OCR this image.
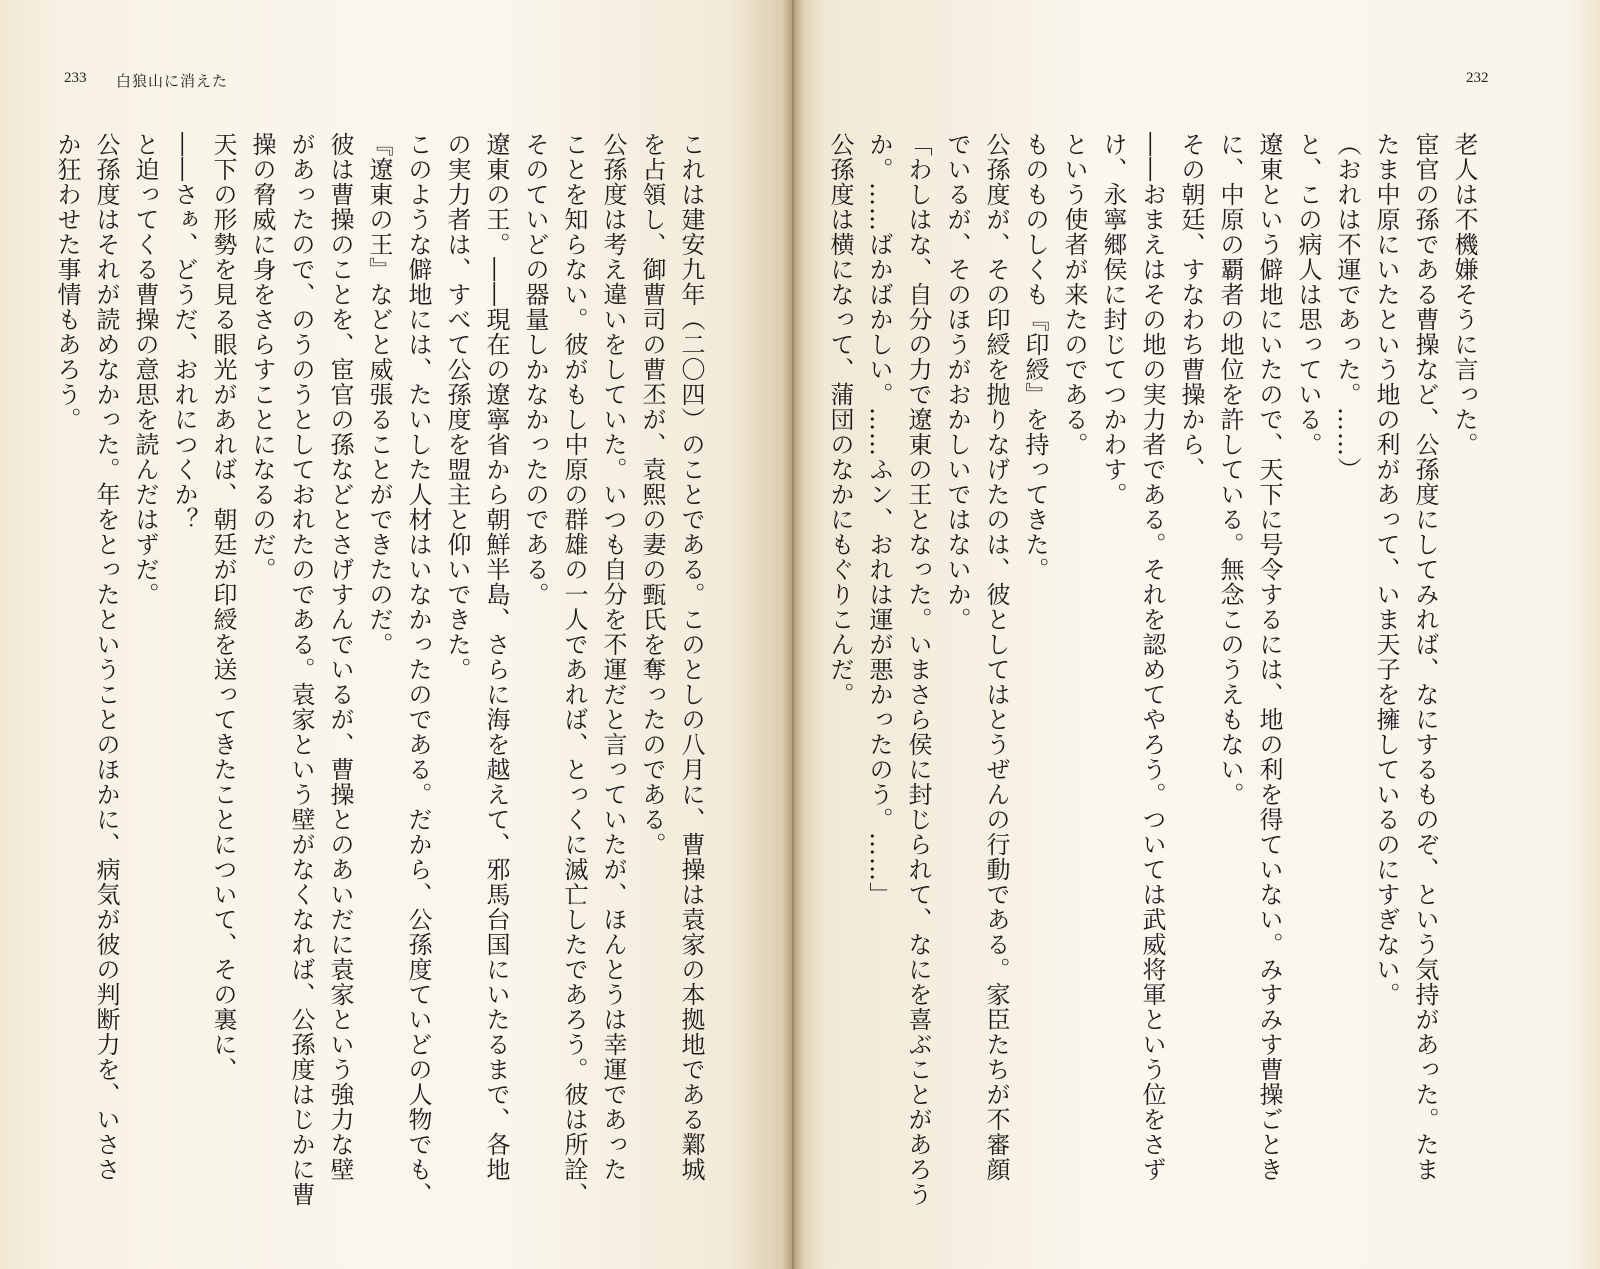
233 白狼山に消えた	232
老人は不機嫌そうに言った。
宦官の孫である曹操など、公孫度にしてみれば、なにするものぞ、という気持があった。たま
たま中原にいたという地の利があって、いま天子を擁しているのにすぎない。
（おれは不運であった。……）
と、この病人は思っている。
遼東という僻地にいたので、天下に号令するには、地の利を得ていない。みすみす曹操ごとき
に、中原の覇者の地位を許している。無念このうえもない。
その朝廷、すなわち曹操から、
――おまえはその地の実力者である。それを認めてやろう。ついては武威将軍という位をさず
け、永寧郷侯に封じてつかわす。
という使者が来たのである。
ものものしくも『印綬』を持ってきた。
公孫度が、その印綬を抛りなげたのは、彼としてはとうぜんの行動である。家臣たちが不審顔
でいるが、そのほうがおかしいではないか。
「わしはな、自分の力で遼東の王となった。いまさら侯に封じられて、なにを喜ぶことがあろう
か。……ばかばかしい。……ふン、おれは運が悪かったのう。……」
公孫度は横になって、蒲団のなかにもぐりこんだ。
これは建安九年（二〇四）のことである。このとしの八月に、曹操は袁家の本拠地である鄴城
を占領し、御曹司の曹丕が、袁熙の妻の甄氏を奪ったのである。
公孫度は考え違いをしていた。いつも自分を不運だと言っていたが、ほんとうは幸運であった
ことを知らない。彼がもし中原の群雄の一人であれば、とっくに滅亡したであろう。彼は所詮、
そのていどの器量しかなかったのである。
遼東の王。――現在の遼寧省から朝鮮半島、さらに海を越えて、邪馬台国にいたるまで、各地
の実力者は、すべて公孫度を盟主と仰いできた。
このような僻地には、たいした人材はいなかったのである。だから、公孫度ていどの人物でも、
『遼東の王』などと威張ることができたのだ。
彼は曹操のことを、宦官の孫などとさげすんでいるが、曹操とのあいだに袁家という強力な壁
があったので、のうのうとしておれたのである。袁家という壁がなくなれば、公孫度はじかに曹
操の脅威に身をさらすことになるのだ。
天下の形勢を見る眼光があれば、朝廷が印綬を送ってきたことについて、その裏に、
――さぁ、どうだ、おれにつくか？
と迫ってくる曹操の意思を読んだはずだ。
公孫度はそれが読めなかった。年をとったということのほかに、病気が彼の判断力を、いささ
か狂わせた事情もあろう。
